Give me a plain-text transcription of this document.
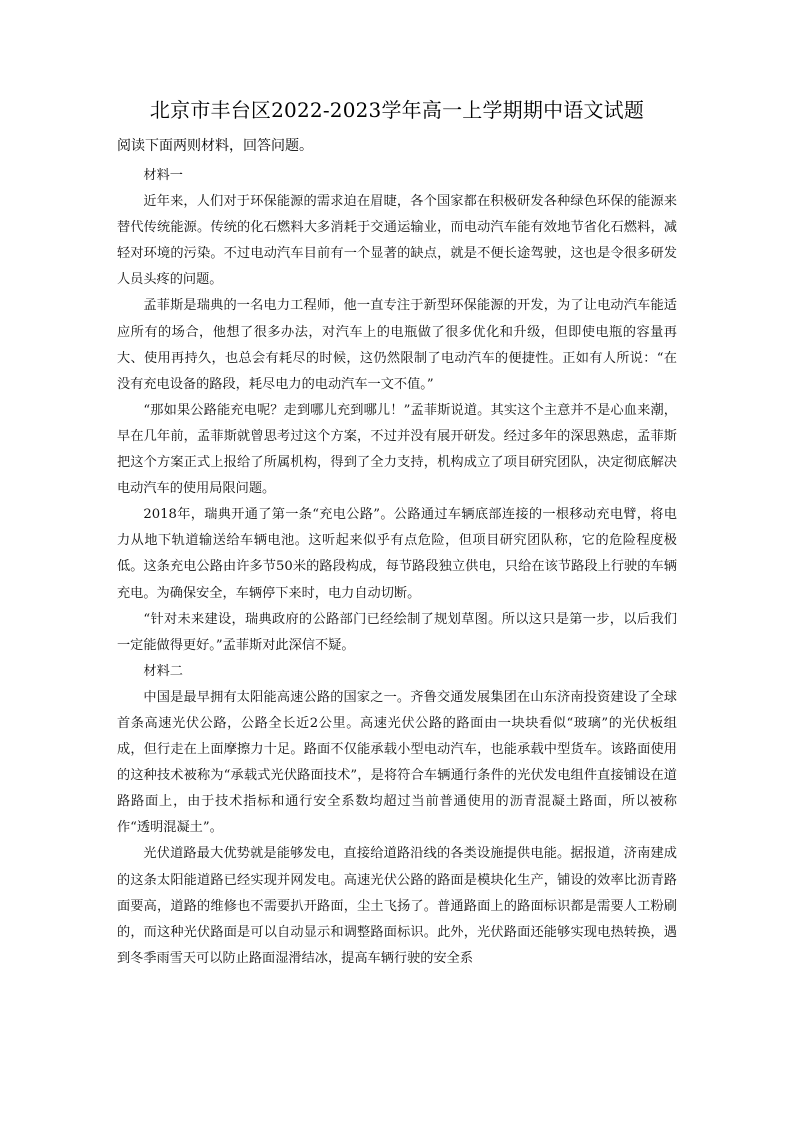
北京市丰台区2022-2023学年高一上学期期中语文试题
阅读下面两则材料，回答问题。

材料一

近年来，人们对于环保能源的需求迫在眉睫，各个国家都在积极研发各种绿色环保的能源来替代传统能源。传统的化石燃料大多消耗于交通运输业，而电动汽车能有效地节省化石燃料，减轻对环境的污染。不过电动汽车目前有一个显著的缺点，就是不便长途驾驶，这也是令很多研发人员头疼的问题。

孟菲斯是瑞典的一名电力工程师，他一直专注于新型环保能源的开发，为了让电动汽车能适应所有的场合，他想了很多办法，对汽车上的电瓶做了很多优化和升级，但即使电瓶的容量再大、使用再持久，也总会有耗尽的时候，这仍然限制了电动汽车的便捷性。正如有人所说：“在没有充电设备的路段，耗尽电力的电动汽车一文不值。”

“那如果公路能充电呢？走到哪儿充到哪儿！”孟菲斯说道。其实这个主意并不是心血来潮，早在几年前，孟菲斯就曾思考过这个方案，不过并没有展开研发。经过多年的深思熟虑，孟菲斯把这个方案正式上报给了所属机构，得到了全力支持，机构成立了项目研究团队，决定彻底解决电动汽车的使用局限问题。

2018年，瑞典开通了第一条“充电公路”。公路通过车辆底部连接的一根移动充电臂，将电力从地下轨道输送给车辆电池。这听起来似乎有点危险，但项目研究团队称，它的危险程度极低。这条充电公路由许多节50米的路段构成，每节路段独立供电，只给在该节路段上行驶的车辆充电。为确保安全，车辆停下来时，电力自动切断。

“针对未来建设，瑞典政府的公路部门已经绘制了规划草图。所以这只是第一步，以后我们一定能做得更好。”孟菲斯对此深信不疑。

材料二

中国是最早拥有太阳能高速公路的国家之一。齐鲁交通发展集团在山东济南投资建设了全球首条高速光伏公路，公路全长近2公里。高速光伏公路的路面由一块块看似“玻璃”的光伏板组成，但行走在上面摩擦力十足。路面不仅能承载小型电动汽车，也能承载中型货车。该路面使用的这种技术被称为“承载式光伏路面技术”，是将符合车辆通行条件的光伏发电组件直接铺设在道路路面上，由于技术指标和通行安全系数均超过当前普通使用的沥青混凝土路面，所以被称作“透明混凝土”。

光伏道路最大优势就是能够发电，直接给道路沿线的各类设施提供电能。据报道，济南建成的这条太阳能道路已经实现并网发电。高速光伏公路的路面是模块化生产，铺设的效率比沥青路面要高，道路的维修也不需要扒开路面，尘土飞扬了。普通路面上的路面标识都是需要人工粉刷的，而这种光伏路面是可以自动显示和调整路面标识。此外，光伏路面还能够实现电热转换，遇到冬季雨雪天可以防止路面湿滑结冰，提高车辆行驶的安全系
